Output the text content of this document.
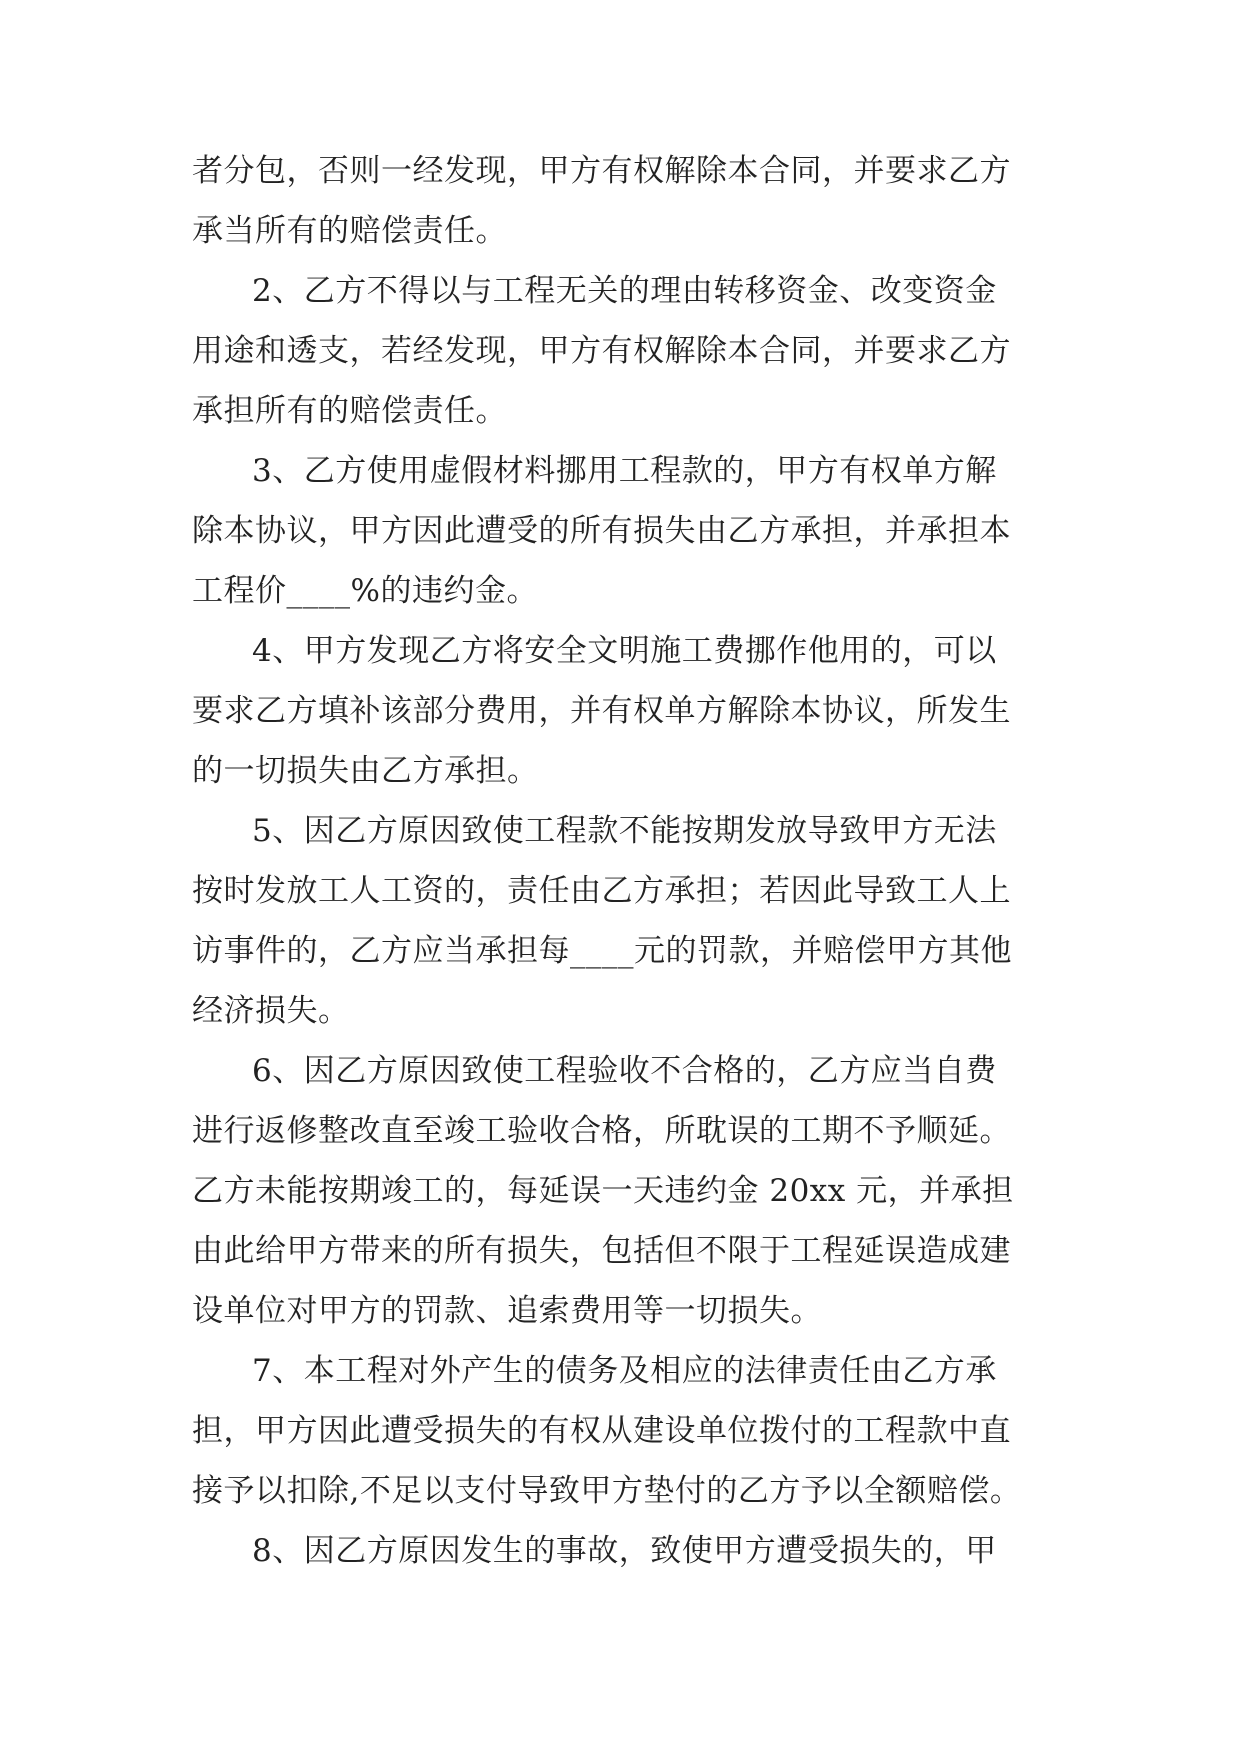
者分包，否则一经发现，甲方有权解除本合同，并要求乙方
承当所有的赔偿责任。
2、乙方不得以与工程无关的理由转移资金、改变资金
用途和透支，若经发现，甲方有权解除本合同，并要求乙方
承担所有的赔偿责任。
3、乙方使用虚假材料挪用工程款的，甲方有权单方解
除本协议，甲方因此遭受的所有损失由乙方承担，并承担本
工程价____%的违约金。
4、甲方发现乙方将安全文明施工费挪作他用的，可以
要求乙方填补该部分费用，并有权单方解除本协议，所发生
的一切损失由乙方承担。
5、因乙方原因致使工程款不能按期发放导致甲方无法
按时发放工人工资的，责任由乙方承担；若因此导致工人上
访事件的，乙方应当承担每____元的罚款，并赔偿甲方其他
经济损失。
6、因乙方原因致使工程验收不合格的，乙方应当自费
进行返修整改直至竣工验收合格，所耽误的工期不予顺延。
乙方未能按期竣工的，每延误一天违约金 20xx 元，并承担
由此给甲方带来的所有损失，包括但不限于工程延误造成建
设单位对甲方的罚款、追索费用等一切损失。
7、本工程对外产生的债务及相应的法律责任由乙方承
担，甲方因此遭受损失的有权从建设单位拨付的工程款中直
接予以扣除,不足以支付导致甲方垫付的乙方予以全额赔偿。
8、因乙方原因发生的事故，致使甲方遭受损失的，甲
